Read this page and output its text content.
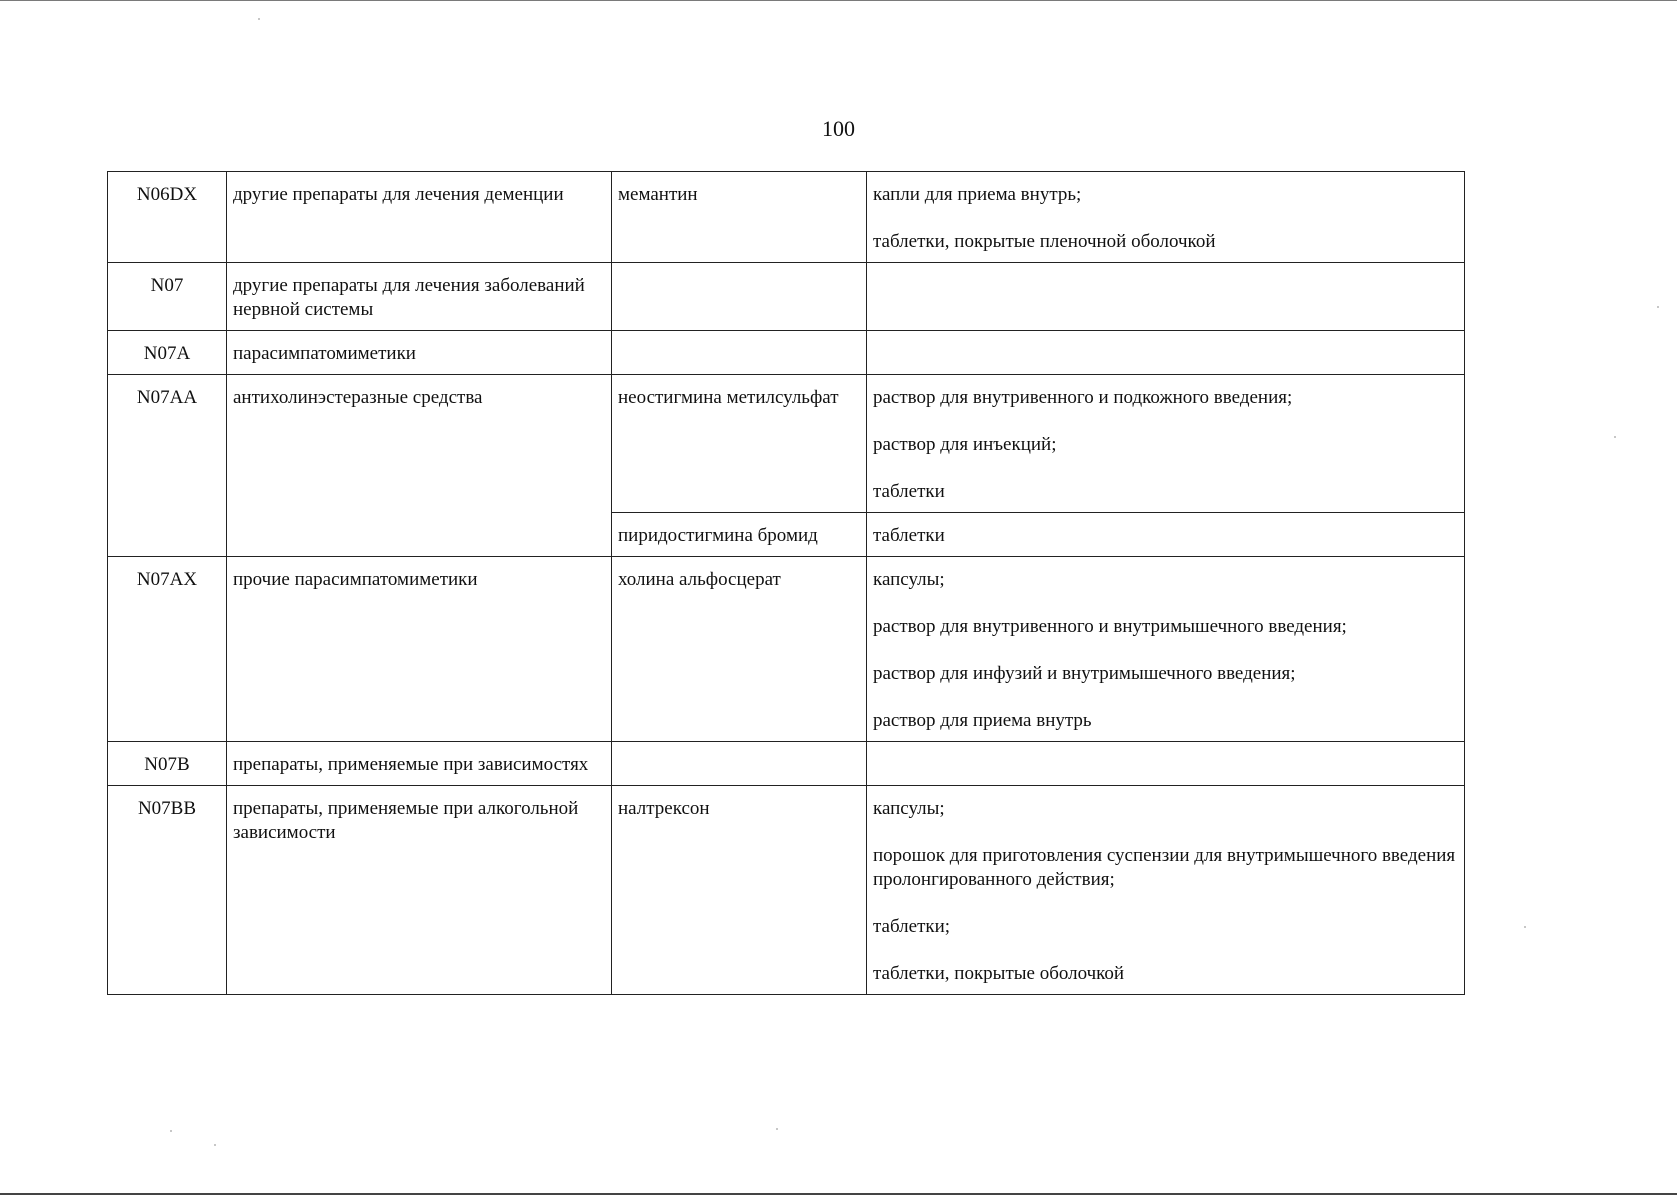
100
N06DX	другие препараты для лечения деменции	мемантин	капли для приема внутрь;
таблетки, покрытые пленочной оболочкой

N07	другие препараты для лечения заболеваний нервной системы		
N07A	парасимпатомиметики		
N07AA	антихолинэстеразные средства	неостигмина метилсульфат	раствор для внутривенного и подкожного введения;
раствор для инъекций;
таблетки

		пиридостигмина бромид	таблетки

N07AX	прочие парасимпатомиметики	холина альфосцерат	капсулы;
раствор для внутривенного и внутримышечного введения;
раствор для инфузий и внутримышечного введения;
раствор для приема внутрь

N07B	препараты, применяемые при зависимостях		
N07BB	препараты, применяемые при алкогольной зависимости	налтрексон	капсулы;
порошок для приготовления суспензии для внутримышечного введения пролонгированного действия;
таблетки;
таблетки, покрытые оболочкой
